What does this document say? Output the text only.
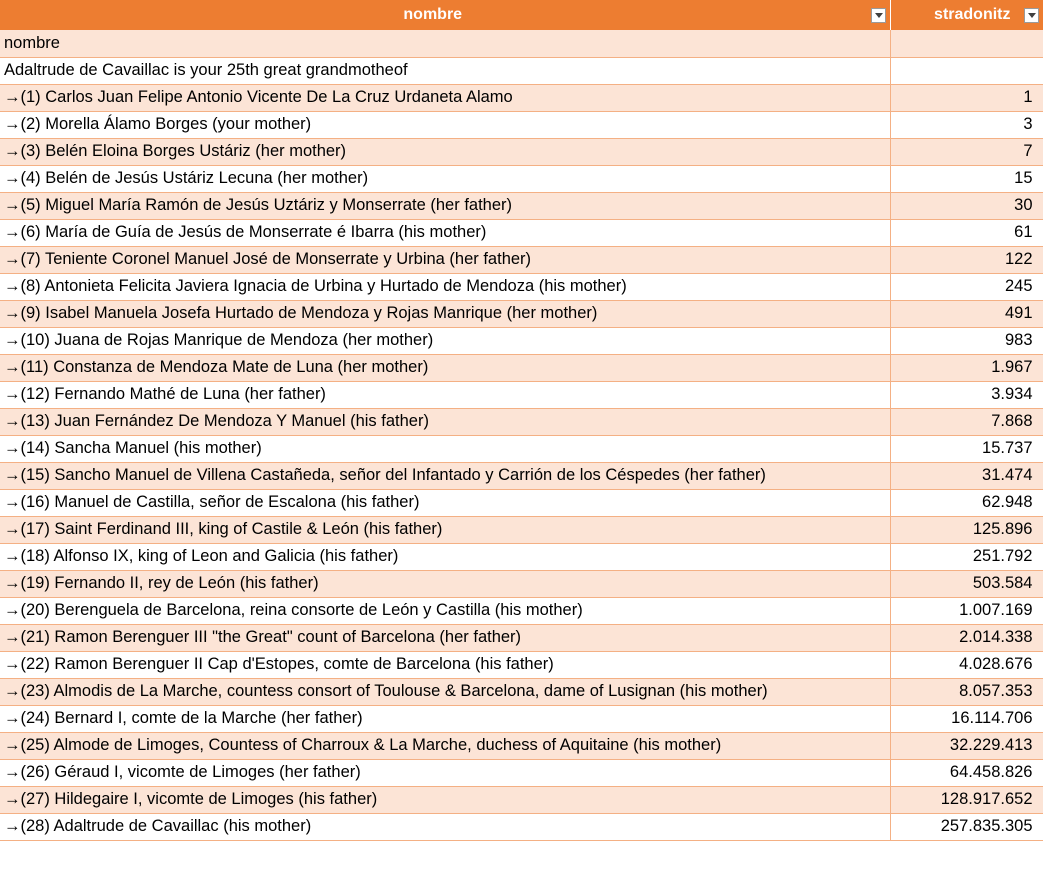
nombre	stradonitz

nombre	
Adaltrude de Cavaillac is your 25th great grandmotheof	
→(1) Carlos Juan Felipe Antonio Vicente De La Cruz Urdaneta Alamo	1
→(2) Morella Álamo Borges (your mother)	3
→(3) Belén Eloina Borges Ustáriz (her mother)	7
→(4) Belén de Jesús Ustáriz Lecuna (her mother)	15
→(5) Miguel María Ramón de Jesús Uztáriz y Monserrate (her father)	30
→(6) María de Guía de Jesús de Monserrate é Ibarra (his mother)	61
→(7) Teniente Coronel Manuel José de Monserrate y Urbina (her father)	122
→(8) Antonieta Felicita Javiera Ignacia de Urbina y Hurtado de Mendoza (his mother)	245
→(9) Isabel Manuela Josefa Hurtado de Mendoza y Rojas Manrique (her mother)	491
→(10) Juana de Rojas Manrique de Mendoza (her mother)	983
→(11) Constanza de Mendoza Mate de Luna (her mother)	1.967
→(12) Fernando Mathé de Luna (her father)	3.934
→(13) Juan Fernández De Mendoza Y Manuel (his father)	7.868
→(14) Sancha Manuel (his mother)	15.737
→(15) Sancho Manuel de Villena Castañeda, señor del Infantado y Carrión de los Céspedes (her father)	31.474
→(16) Manuel de Castilla, señor de Escalona (his father)	62.948
→(17) Saint Ferdinand III, king of Castile & León (his father)	125.896
→(18) Alfonso IX, king of Leon and Galicia (his father)	251.792
→(19) Fernando II, rey de León (his father)	503.584
→(20) Berenguela de Barcelona, reina consorte de León y Castilla (his mother)	1.007.169
→(21) Ramon Berenguer III "the Great" count of Barcelona (her father)	2.014.338
→(22) Ramon Berenguer II Cap d'Estopes, comte de Barcelona (his father)	4.028.676
→(23) Almodis de La Marche, countess consort of Toulouse & Barcelona, dame of Lusignan (his mother)	8.057.353
→(24) Bernard I, comte de la Marche (her father)	16.114.706
→(25) Almode de Limoges, Countess of Charroux & La Marche, duchess of Aquitaine (his mother)	32.229.413
→(26) Géraud I, vicomte de Limoges (her father)	64.458.826
→(27) Hildegaire I, vicomte de Limoges (his father)	128.917.652
→(28) Adaltrude de Cavaillac (his mother)	257.835.305
